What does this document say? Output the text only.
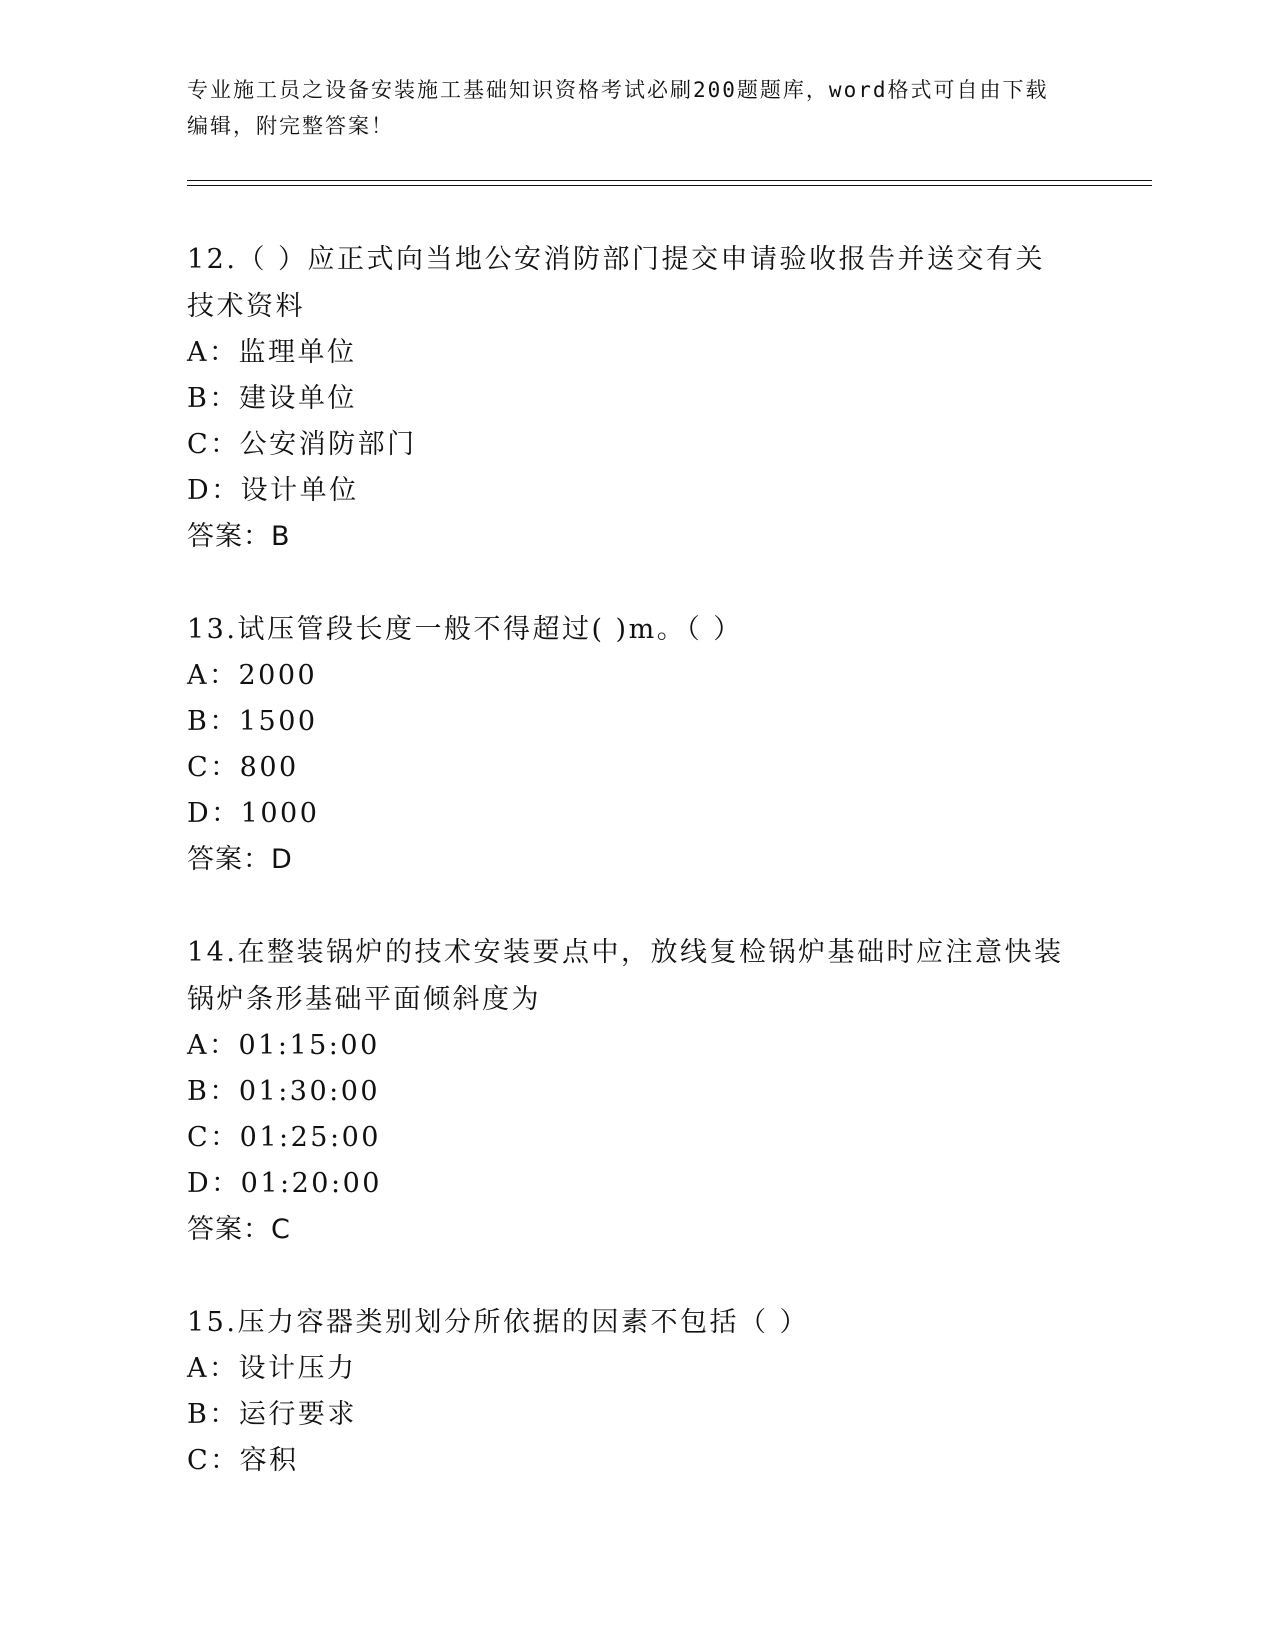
专业施工员之设备安装施工基础知识资格考试必刷200题题库，word格式可自由下载编辑，附完整答案！

12.（ ）应正式向当地公安消防部门提交申请验收报告并送交有关技术资料

A：监理单位

B：建设单位

C：公安消防部门

D：设计单位

答案：B

13.试压管段长度一般不得超过( )m。（ ）

A：2000

B：1500

C：800

D：1000

答案：D

14.在整装锅炉的技术安装要点中，放线复检锅炉基础时应注意快装锅炉条形基础平面倾斜度为

A：01:15:00

B：01:30:00

C：01:25:00

D：01:20:00

答案：C

15.压力容器类别划分所依据的因素不包括（ ）

A：设计压力

B：运行要求

C：容积
